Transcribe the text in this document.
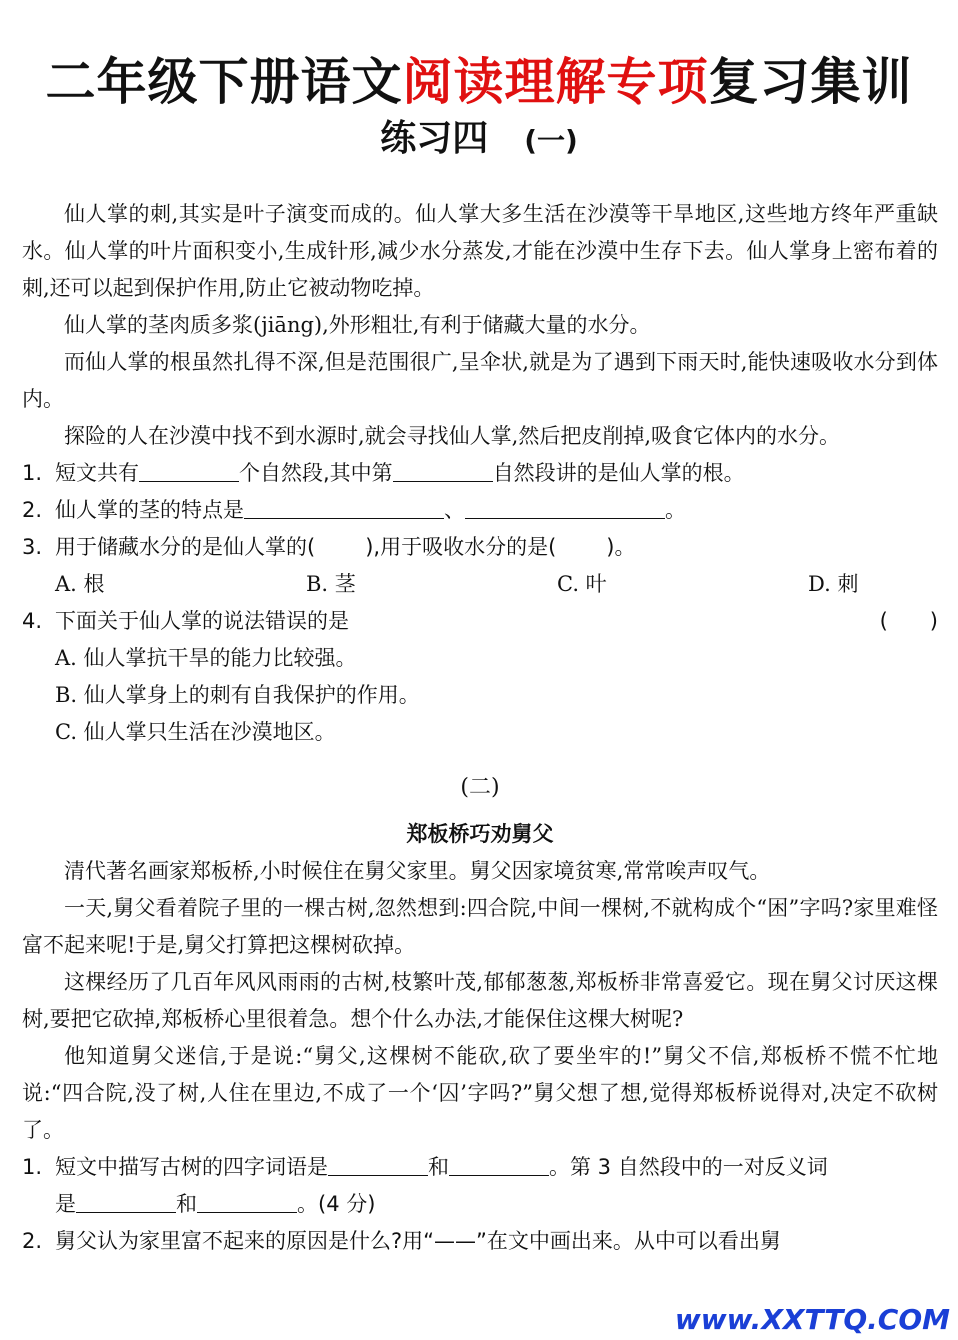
二年级下册语文阅读理解专项复习集训
练习四 (一)

仙人掌的刺,其实是叶子演变而成的。仙人掌大多生活在沙漠等干旱地区,这些地方终年严重缺水。仙人掌的叶片面积变小,生成针形,减少水分蒸发,才能在沙漠中生存下去。仙人掌身上密布着的刺,还可以起到保护作用,防止它被动物吃掉。

仙人掌的茎肉质多浆(jiāng),外形粗壮,有利于储藏大量的水分。

而仙人掌的根虽然扎得不深,但是范围很广,呈伞状,就是为了遇到下雨天时,能快速吸收水分到体内。

探险的人在沙漠中找不到水源时,就会寻找仙人掌,然后把皮削掉,吸食它体内的水分。

1. 短文共有	个自然段,其中第	自然段讲的是仙人掌的根。

2. 仙人掌的茎的特点是	、	。

3. 用于储藏水分的是仙人掌的( ),用于吸收水分的是( )。

A. 根	B. 茎	C. 叶	D. 刺

4. 下面关于仙人掌的说法错误的是	(　　)

A. 仙人掌抗干旱的能力比较强。

B. 仙人掌身上的刺有自我保护的作用。

C. 仙人掌只生活在沙漠地区。

(二)

郑板桥巧劝舅父

清代著名画家郑板桥,小时候住在舅父家里。舅父因家境贫寒,常常唉声叹气。

一天,舅父看着院子里的一棵古树,忽然想到:四合院,中间一棵树,不就构成个“困”字吗?家里难怪富不起来呢!于是,舅父打算把这棵树砍掉。

这棵经历了几百年风风雨雨的古树,枝繁叶茂,郁郁葱葱,郑板桥非常喜爱它。现在舅父讨厌这棵树,要把它砍掉,郑板桥心里很着急。想个什么办法,才能保住这棵大树呢?

他知道舅父迷信,于是说:“舅父,这棵树不能砍,砍了要坐牢的!”舅父不信,郑板桥不慌不忙地说:“四合院,没了树,人住在里边,不成了一个‘囚’字吗?”舅父想了想,觉得郑板桥说得对,决定不砍树了。

1. 短文中描写古树的四字词语是	和	。第 3 自然段中的一对反义词
是	和	。(4 分)

2. 舅父认为家里富不起来的原因是什么?用“——”在文中画出来。从中可以看出舅

www.XXTTQ.COM
